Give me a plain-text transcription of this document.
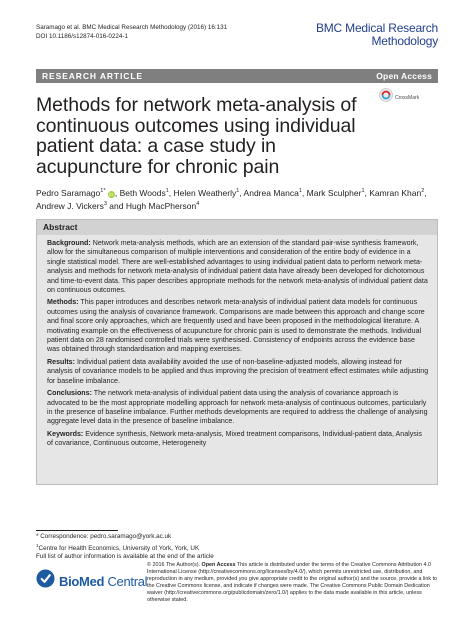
Saramago et al. BMC Medical Research Methodology (2016) 16:131
DOI 10.1186/s12874-016-0224-1
BMC Medical Research
Methodology
RESEARCH ARTICLE	Open Access
CrossMark
Methods for network meta-analysis of continuous outcomes using individual patient data: a case study in acupuncture for chronic pain
Pedro Saramago$^{1*}$ iD, Beth Woods$^1$, Helen Weatherly$^1$, Andrea Manca$^1$, Mark Sculpher$^1$, Kamran Khan$^2$,
Andrew J. Vickers$^3$ and Hugh MacPherson$^4$
Abstract

Background: Network meta-analysis methods, which are an extension of the standard pair-wise synthesis framework, allow for the simultaneous comparison of multiple interventions and consideration of the entire body of evidence in a single statistical model. There are well-established advantages to using individual patient data to perform network meta-analysis and methods for network meta-analysis of individual patient data have already been developed for dichotomous and time-to-event data. This paper describes appropriate methods for the network meta-analysis of individual patient data on continuous outcomes.

Methods: This paper introduces and describes network meta-analysis of individual patient data models for continuous outcomes using the analysis of covariance framework. Comparisons are made between this approach and change score and final score only approaches, which are frequently used and have been proposed in the methodological literature. A motivating example on the effectiveness of acupuncture for chronic pain is used to demonstrate the methods. Individual patient data on 28 randomised controlled trials were synthesised. Consistency of endpoints across the evidence base was obtained through standardisation and mapping exercises.

Results: Individual patient data availability avoided the use of non-baseline-adjusted models, allowing instead for analysis of covariance models to be applied and thus improving the precision of treatment effect estimates while adjusting for baseline imbalance.

Conclusions: The network meta-analysis of individual patient data using the analysis of covariance approach is advocated to be the most appropriate modelling approach for network meta-analysis of continuous outcomes, particularly in the presence of baseline imbalance. Further methods developments are required to address the challenge of analysing aggregate level data in the presence of baseline imbalance.

Keywords: Evidence synthesis, Network meta-analysis, Mixed treatment comparisons, Individual-patient data, Analysis of covariance, Continuous outcome, Heterogeneity

* Correspondence: pedro.saramago@york.ac.uk
$^1$Centre for Health Economics, University of York, York, UK
Full list of author information is available at the end of the article
BioMed Central
© 2016 The Author(s). Open Access This article is distributed under the terms of the Creative Commons Attribution 4.0 International License (http://creativecommons.org/licenses/by/4.0/), which permits unrestricted use, distribution, and reproduction in any medium, provided you give appropriate credit to the original author(s) and the source, provide a link to the Creative Commons license, and indicate if changes were made. The Creative Commons Public Domain Dedication waiver (http://creativecommons.org/publicdomain/zero/1.0/) applies to the data made available in this article, unless otherwise stated.
